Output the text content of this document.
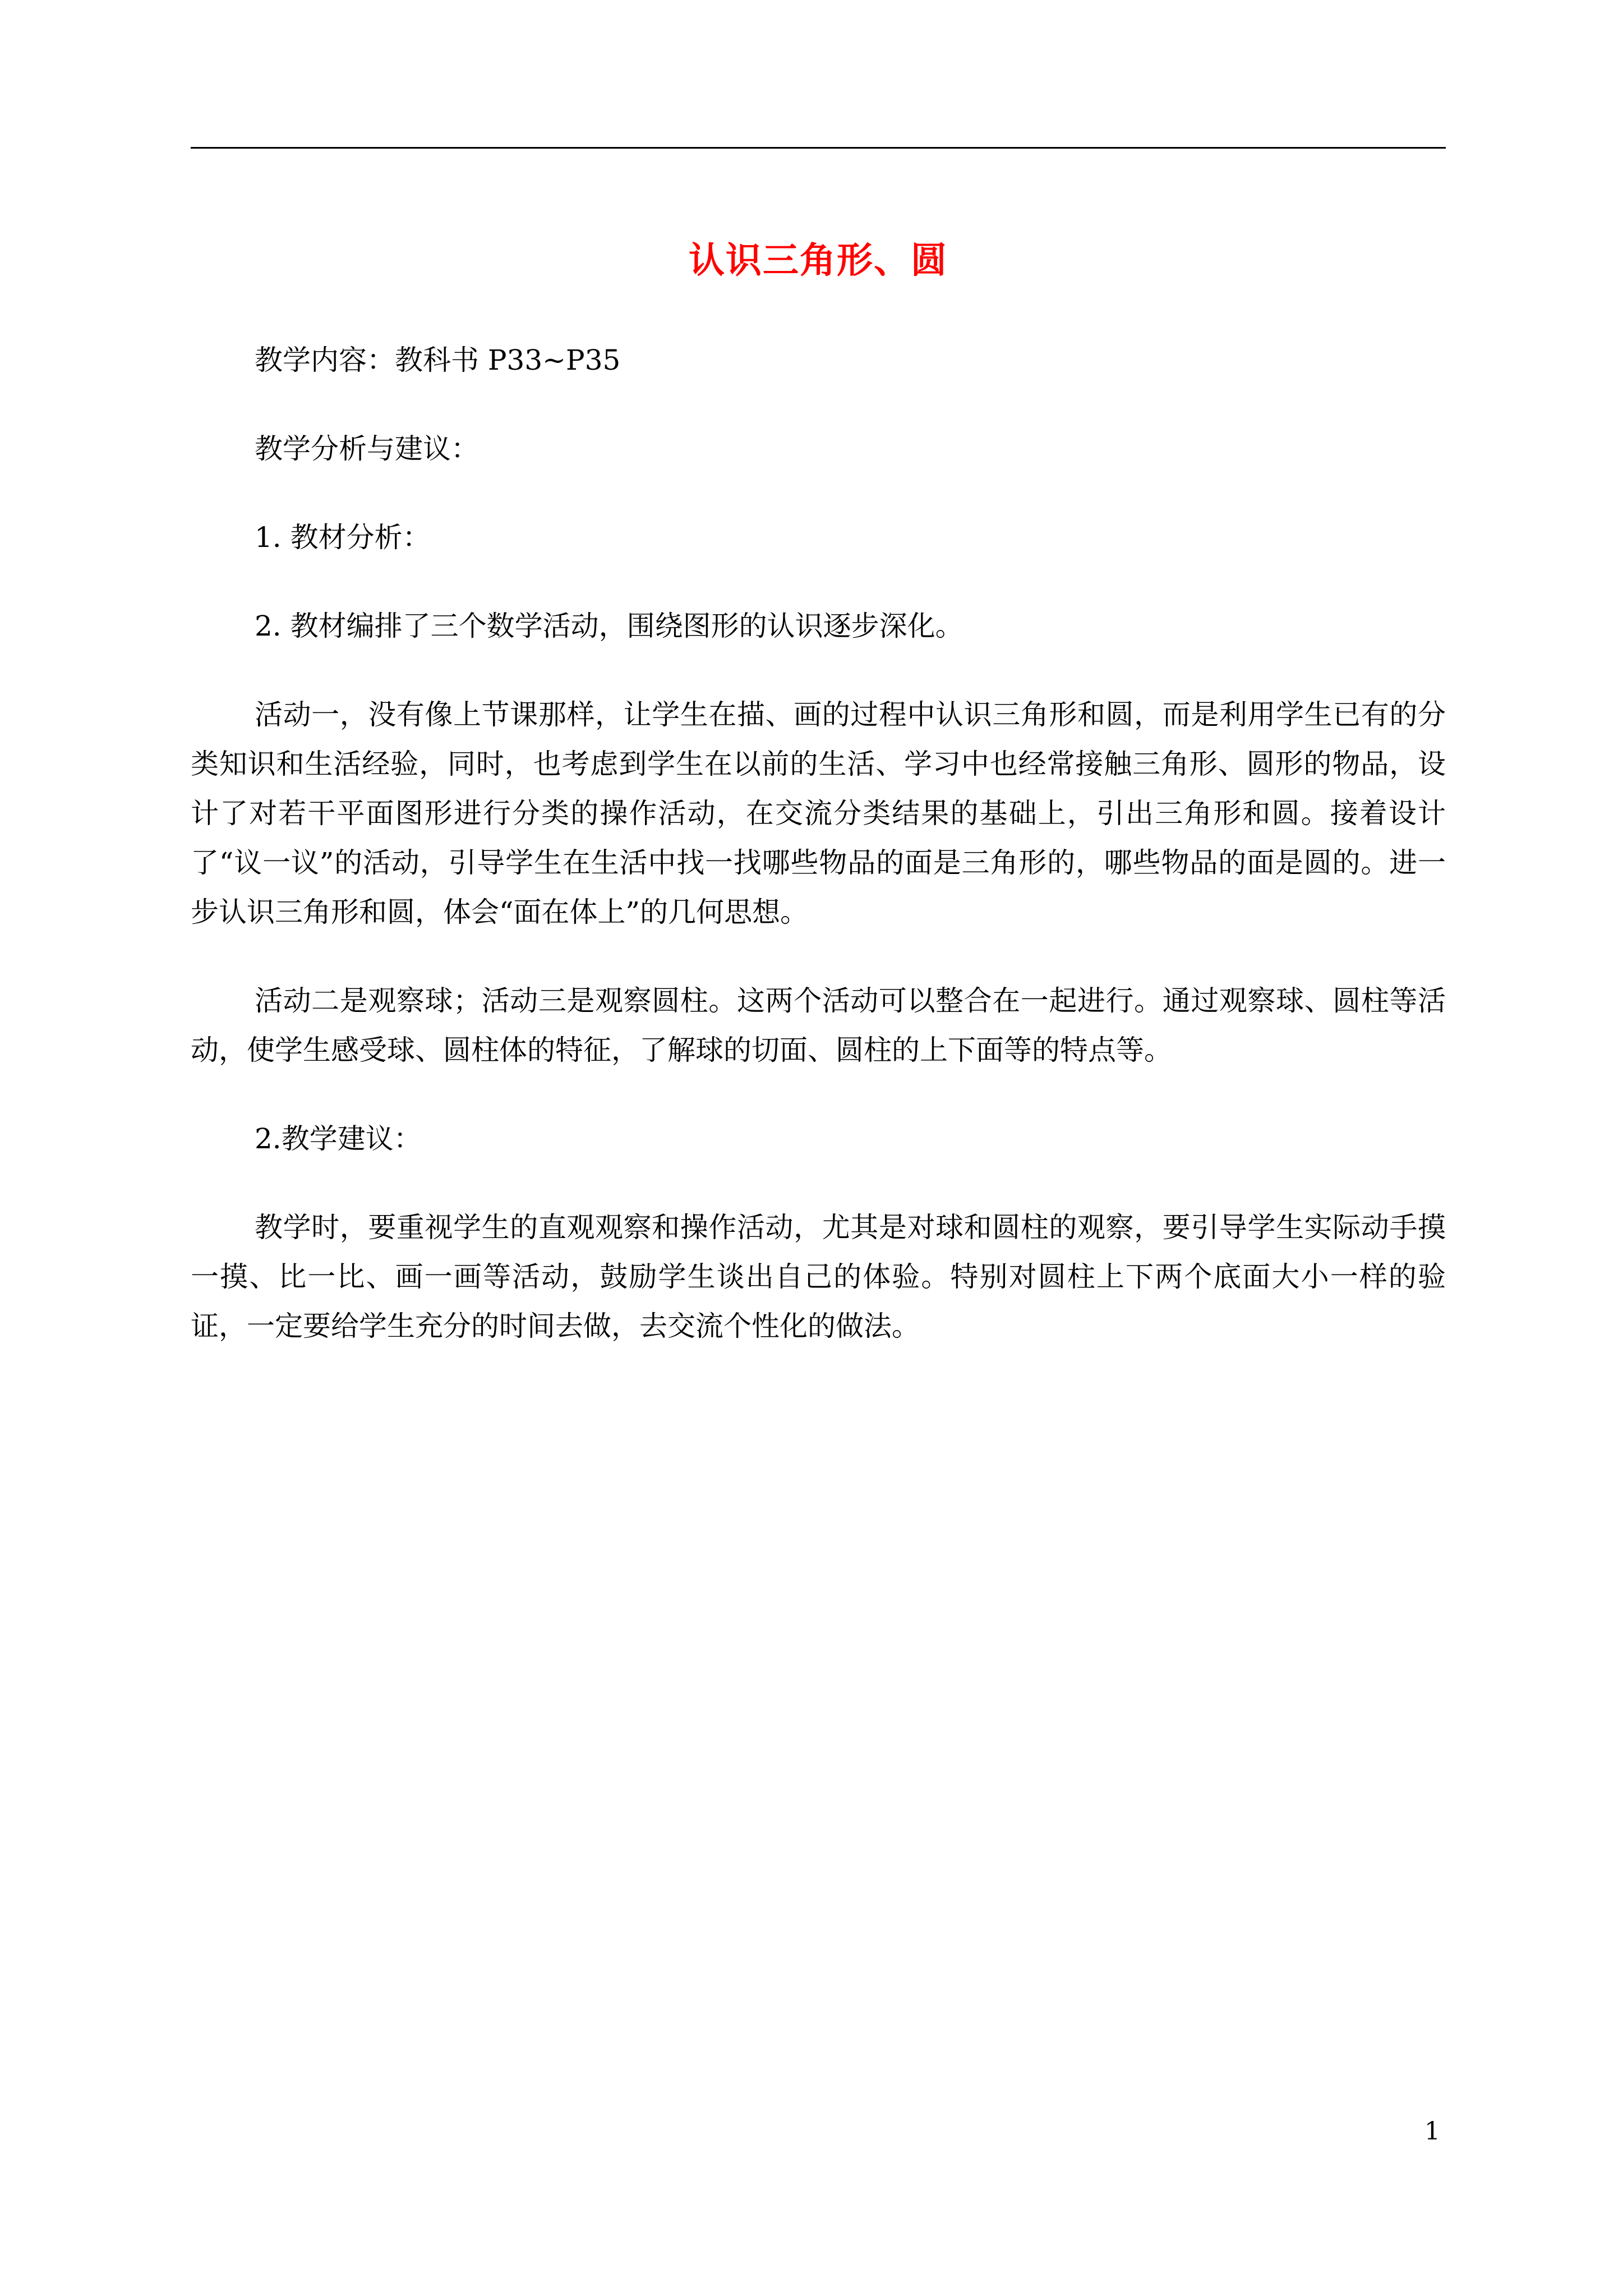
认识三角形、圆

教学内容：教科书 P33~P35

教学分析与建议：

1. 教材分析：

2. 教材编排了三个数学活动，围绕图形的认识逐步深化。

活动一，没有像上节课那样，让学生在描、画的过程中认识三角形和圆，而是利用学生已有的分类知识和生活经验，同时，也考虑到学生在以前的生活、学习中也经常接触三角形、圆形的物品，设计了对若干平面图形进行分类的操作活动，在交流分类结果的基础上，引出三角形和圆。接着设计了“议一议”的活动，引导学生在生活中找一找哪些物品的面是三角形的，哪些物品的面是圆的。进一步认识三角形和圆，体会“面在体上”的几何思想。

活动二是观察球；活动三是观察圆柱。这两个活动可以整合在一起进行。通过观察球、圆柱等活动，使学生感受球、圆柱体的特征，了解球的切面、圆柱的上下面等的特点等。

2.教学建议：

教学时，要重视学生的直观观察和操作活动，尤其是对球和圆柱的观察，要引导学生实际动手摸一摸、比一比、画一画等活动，鼓励学生谈出自己的体验。特别对圆柱上下两个底面大小一样的验证，一定要给学生充分的时间去做，去交流个性化的做法。

1
